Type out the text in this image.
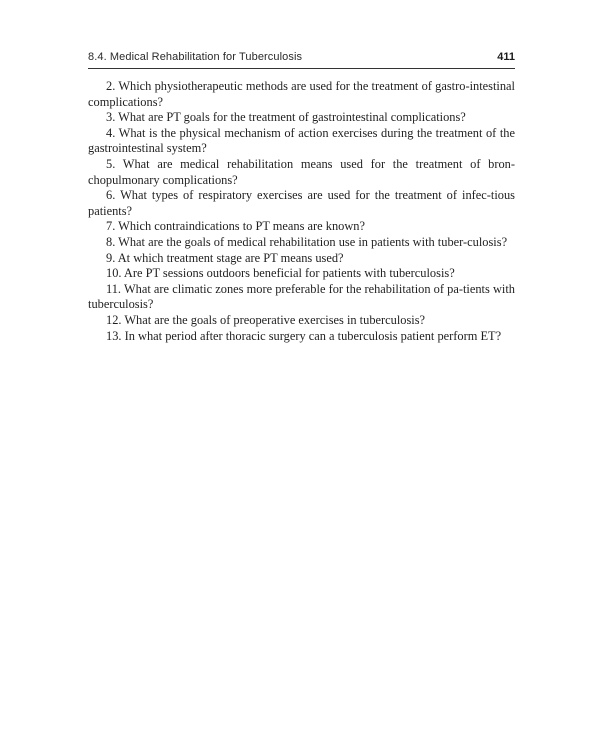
8.4. Medical Rehabilitation for Tuberculosis	411
2. Which physiotherapeutic methods are used for the treatment of gastro-intestinal complications?
3. What are PT goals for the treatment of gastrointestinal complications?
4. What is the physical mechanism of action exercises during the treatment of the gastrointestinal system?
5. What are medical rehabilitation means used for the treatment of bron-chopulmonary complications?
6. What types of respiratory exercises are used for the treatment of infec-tious patients?
7. Which contraindications to PT means are known?
8. What are the goals of medical rehabilitation use in patients with tuber-culosis?
9. At which treatment stage are PT means used?
10. Are PT sessions outdoors beneficial for patients with tuberculosis?
11. What are climatic zones more preferable for the rehabilitation of pa-tients with tuberculosis?
12. What are the goals of preoperative exercises in tuberculosis?
13. In what period after thoracic surgery can a tuberculosis patient perform ET?
